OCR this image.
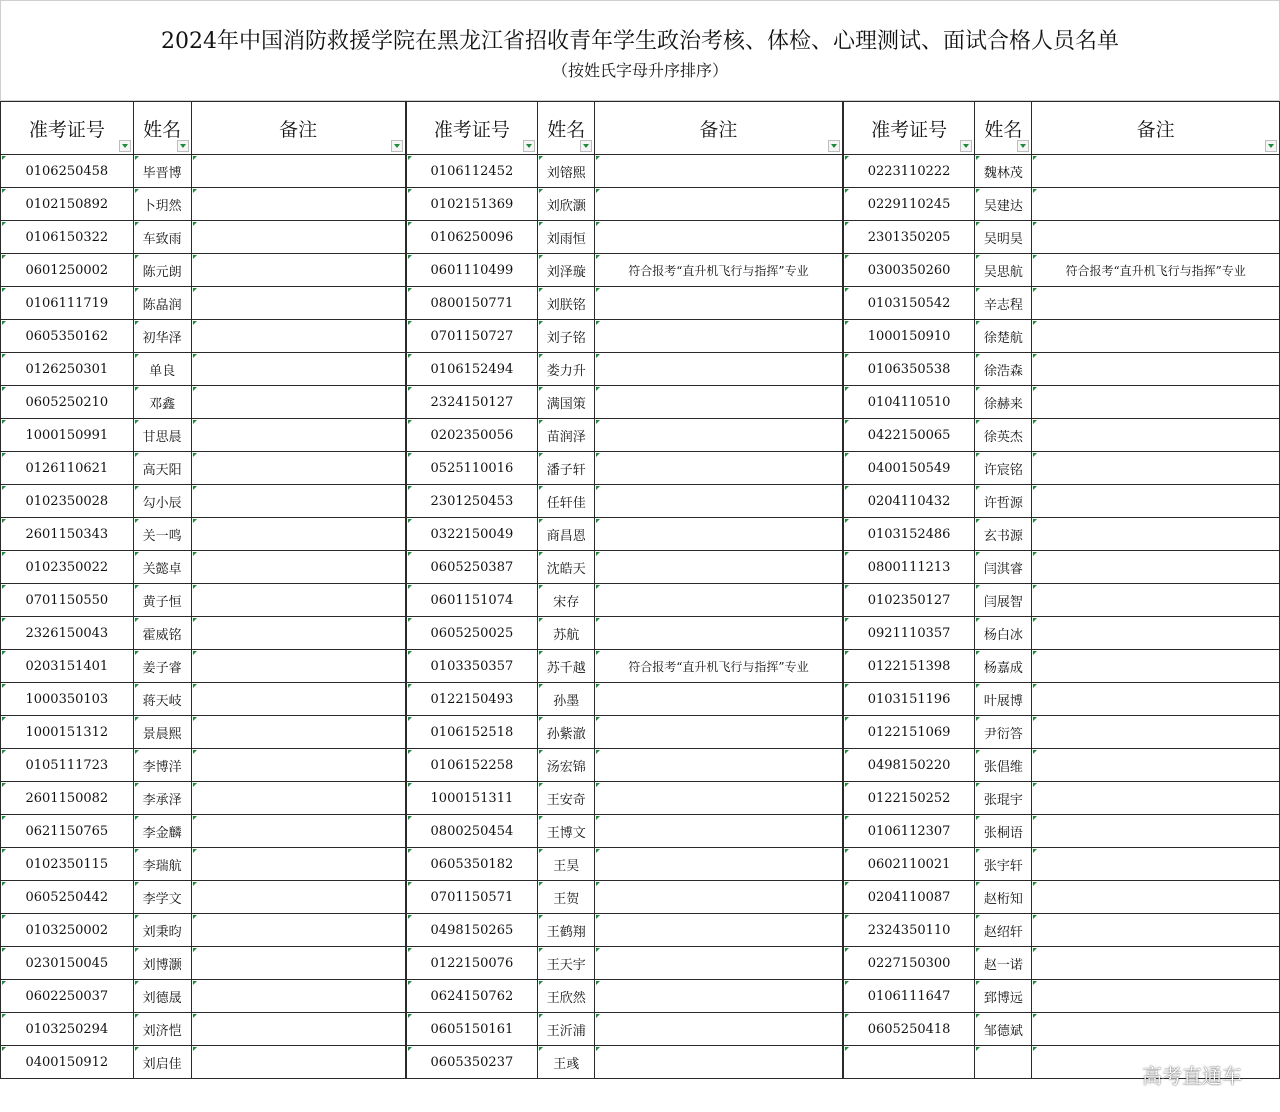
2024年中国消防救援学院在黑龙江省招收青年学生政治考核、体检、心理测试、面试合格人员名单
（按姓氏字母升序排序）
准考证号	姓名	备注		准考证号	姓名	备注		准考证号	姓名	备注

0106250458	毕晋博			0106112452	刘镕熙			0223110222	魏林茂	
0102150892	卜玥然			0102151369	刘欣灏			0229110245	吴建达	
0106150322	车致雨			0106250096	刘雨恒			2301350205	吴明昊	
0601250002	陈元朗			0601110499	刘泽璇	符合报考“直升机飞行与指挥”专业		0300350260	吴思航	符合报考“直升机飞行与指挥”专业
0106111719	陈皛润			0800150771	刘朕铭			0103150542	辛志程	
0605350162	初华泽			0701150727	刘子铭			1000150910	徐楚航	
0126250301	单良			0106152494	娄力升			0106350538	徐浩森	
0605250210	邓鑫			2324150127	满国策			0104110510	徐赫来	
1000150991	甘思晨			0202350056	苗润泽			0422150065	徐英杰	
0126110621	高天阳			0525110016	潘子轩			0400150549	许宸铭	
0102350028	勾小辰			2301250453	任轩佳			0204110432	许哲源	
2601150343	关一鸣			0322150049	商昌恩			0103152486	玄书源	
0102350022	关懿卓			0605250387	沈皓天			0800111213	闫淇睿	
0701150550	黄子恒			0601151074	宋存			0102350127	闫展智	
2326150043	霍威铭			0605250025	苏航			0921110357	杨白冰	
0203151401	姜子睿			0103350357	苏千越	符合报考“直升机飞行与指挥”专业		0122151398	杨嘉成	
1000350103	蒋天岐			0122150493	孙墨			0103151196	叶展博	
1000151312	景晨熙			0106152518	孙紫澈			0122151069	尹衍答	
0105111723	李博洋			0106152258	汤宏锦			0498150220	张倡维	
2601150082	李承泽			1000151311	王安奇			0122150252	张琨宇	
0621150765	李金麟			0800250454	王博文			0106112307	张桐语	
0102350115	李瑞航			0605350182	王昊			0602110021	张宇轩	
0605250442	李学文			0701150571	王贺			0204110087	赵桁知	
0103250002	刘秉昀			0498150265	王鹤翔			2324350110	赵绍轩	
0230150045	刘博灏			0122150076	王天宇			0227150300	赵一诺	
0602250037	刘德晟			0624150762	王欣然			0106111647	郅博远	
0103250294	刘济恺			0605150161	王沂浦			0605250418	邹德斌	
0400150912	刘启佳			0605350237	王彧						高考直通车
